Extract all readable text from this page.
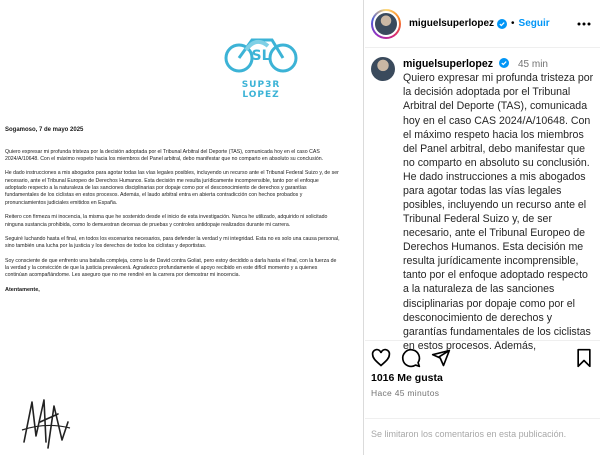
SL
SUP3R LOPEZ
Sogamoso, 7 de mayo 2025

Quiero expresar mi profunda tristeza por la decisión adoptada por el Tribunal Arbitral del Deporte (TAS), comunicada hoy en el caso CAS 2024/A/10648. Con el máximo respeto hacia los miembros del Panel arbitral, debo manifestar que no comparto en absoluto su conclusión.

He dado instrucciones a mis abogados para agotar todas las vías legales posibles, incluyendo un recurso ante el Tribunal Federal Suizo y, de ser necesario, ante el Tribunal Europeo de Derechos Humanos. Esta decisión me resulta jurídicamente incomprensible, tanto por el enfoque adoptado respecto a la naturaleza de las sanciones disciplinarias por dopaje como por el desconocimiento de derechos y garantías fundamentales de los ciclistas en estos procesos. Además, el laudo arbitral entra en abierta contradicción con hechos probados y pronunciamientos judiciales emitidos en España.

Reitero con firmeza mi inocencia, la misma que he sostenido desde el inicio de esta investigación. Nunca he utilizado, adquirido ni solicitado ninguna sustancia prohibida, como lo demuestran decenas de pruebas y controles antidopaje realizados durante mi carrera.

Seguiré luchando hasta el final, en todos los escenarios necesarios, para defender la verdad y mi integridad. Esta no es solo una causa personal, sino también una lucha por la justicia y los derechos de todos los ciclistas y deportistas.

Soy consciente de que enfrento una batalla compleja, como la de David contra Goliat, pero estoy decidido a darla hasta el final, con la fuerza de la verdad y la convicción de que la justicia prevalecerá. Agradezco profundamente el apoyo recibido en este difícil momento y a quienes continúan acompañándome. Les aseguro que no me rendiré en la carrera por demostrar mi inocencia.

Atentamente,
miguelsuperlopez • Seguir
miguelsuperlopez 45 min
Quiero expresar mi profunda tristeza por la decisión adoptada por el Tribunal Arbitral del Deporte (TAS), comunicada hoy en el caso CAS 2024/A/10648. Con el máximo respeto hacia los miembros del Panel arbitral, debo manifestar que no comparto en absoluto su conclusión. He dado instrucciones a mis abogados para agotar todas las vías legales posibles, incluyendo un recurso ante el Tribunal Federal Suizo y, de ser necesario, ante el Tribunal Europeo de Derechos Humanos. Esta decisión me resulta jurídicamente incomprensible, tanto por el enfoque adoptado respecto a la naturaleza de las sanciones disciplinarias por dopaje como por el desconocimiento de derechos y garantías fundamentales de los ciclistas en estos procesos. Además,
1016 Me gusta
Hace 45 minutos
Se limitaron los comentarios en esta publicación.
